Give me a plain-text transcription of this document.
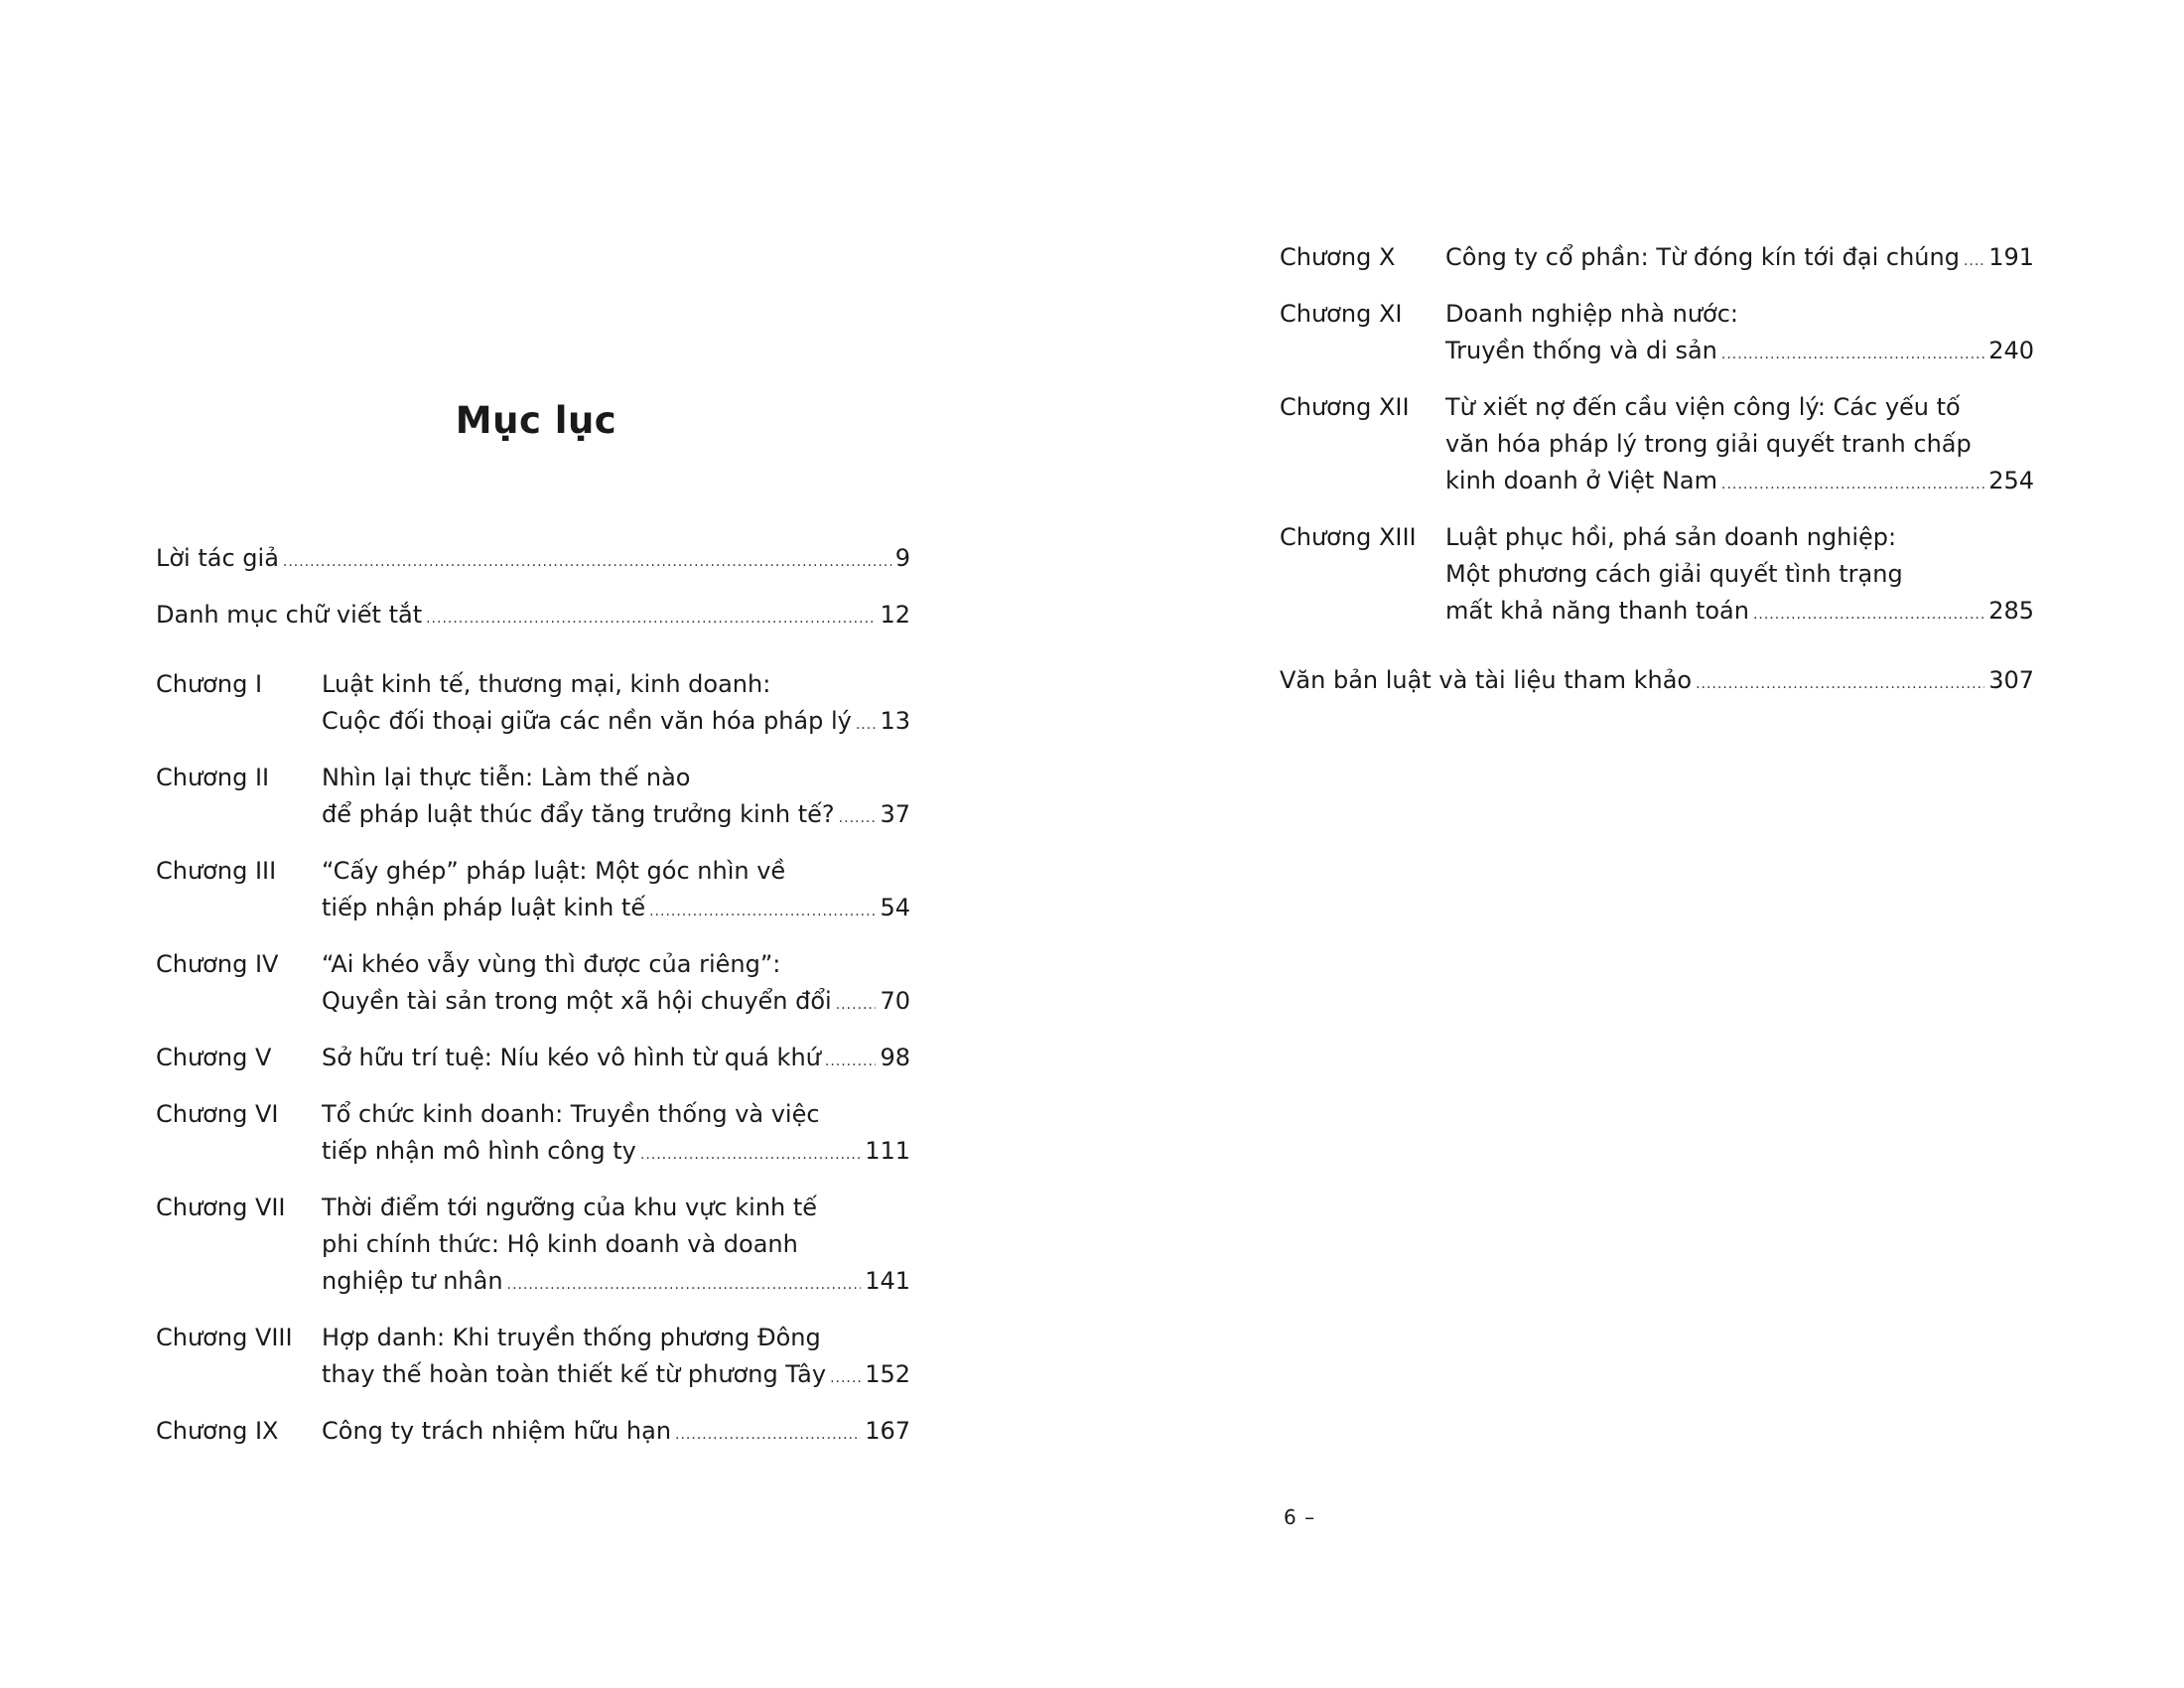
Mục lục
Lời tác giả .....	9
Danh mục chữ viết tắt .....	12
Chương I	Luật kinh tế, thương mại, kinh doanh:
Cuộc đối thoại giữa các nền văn hóa pháp lý ..... 13
Chương II	Nhìn lại thực tiễn: Làm thế nào
để pháp luật thúc đẩy tăng trưởng kinh tế? ..... 37
Chương III	“Cấy ghép” pháp luật: Một góc nhìn về
tiếp nhận pháp luật kinh tế .....	54
Chương IV	“Ai khéo vẫy vùng thì được của riêng”:
Quyền tài sản trong một xã hội chuyển đổi ..... 70
Chương V	Sở hữu trí tuệ: Níu kéo vô hình từ quá khứ ..... 98
Chương VI	Tổ chức kinh doanh: Truyền thống và việc
tiếp nhận mô hình công ty .....	111
Chương VII	Thời điểm tới ngưỡng của khu vực kinh tế
phi chính thức: Hộ kinh doanh và doanh
nghiệp tư nhân .....	141
Chương VIII	Hợp danh: Khi truyền thống phương Đông
thay thế hoàn toàn thiết kế từ phương Tây ..... 152
Chương IX	Công ty trách nhiệm hữu hạn .....	167
Chương X	Công ty cổ phần: Từ đóng kín tới đại chúng ..... 191
Chương XI	Doanh nghiệp nhà nước:
Truyền thống và di sản .....	240
Chương XII	Từ xiết nợ đến cầu viện công lý: Các yếu tố
văn hóa pháp lý trong giải quyết tranh chấp
kinh doanh ở Việt Nam .....	254
Chương XIII	Luật phục hồi, phá sản doanh nghiệp:
Một phương cách giải quyết tình trạng
mất khả năng thanh toán .....	285
Văn bản luật và tài liệu tham khảo .....	307
6 –
